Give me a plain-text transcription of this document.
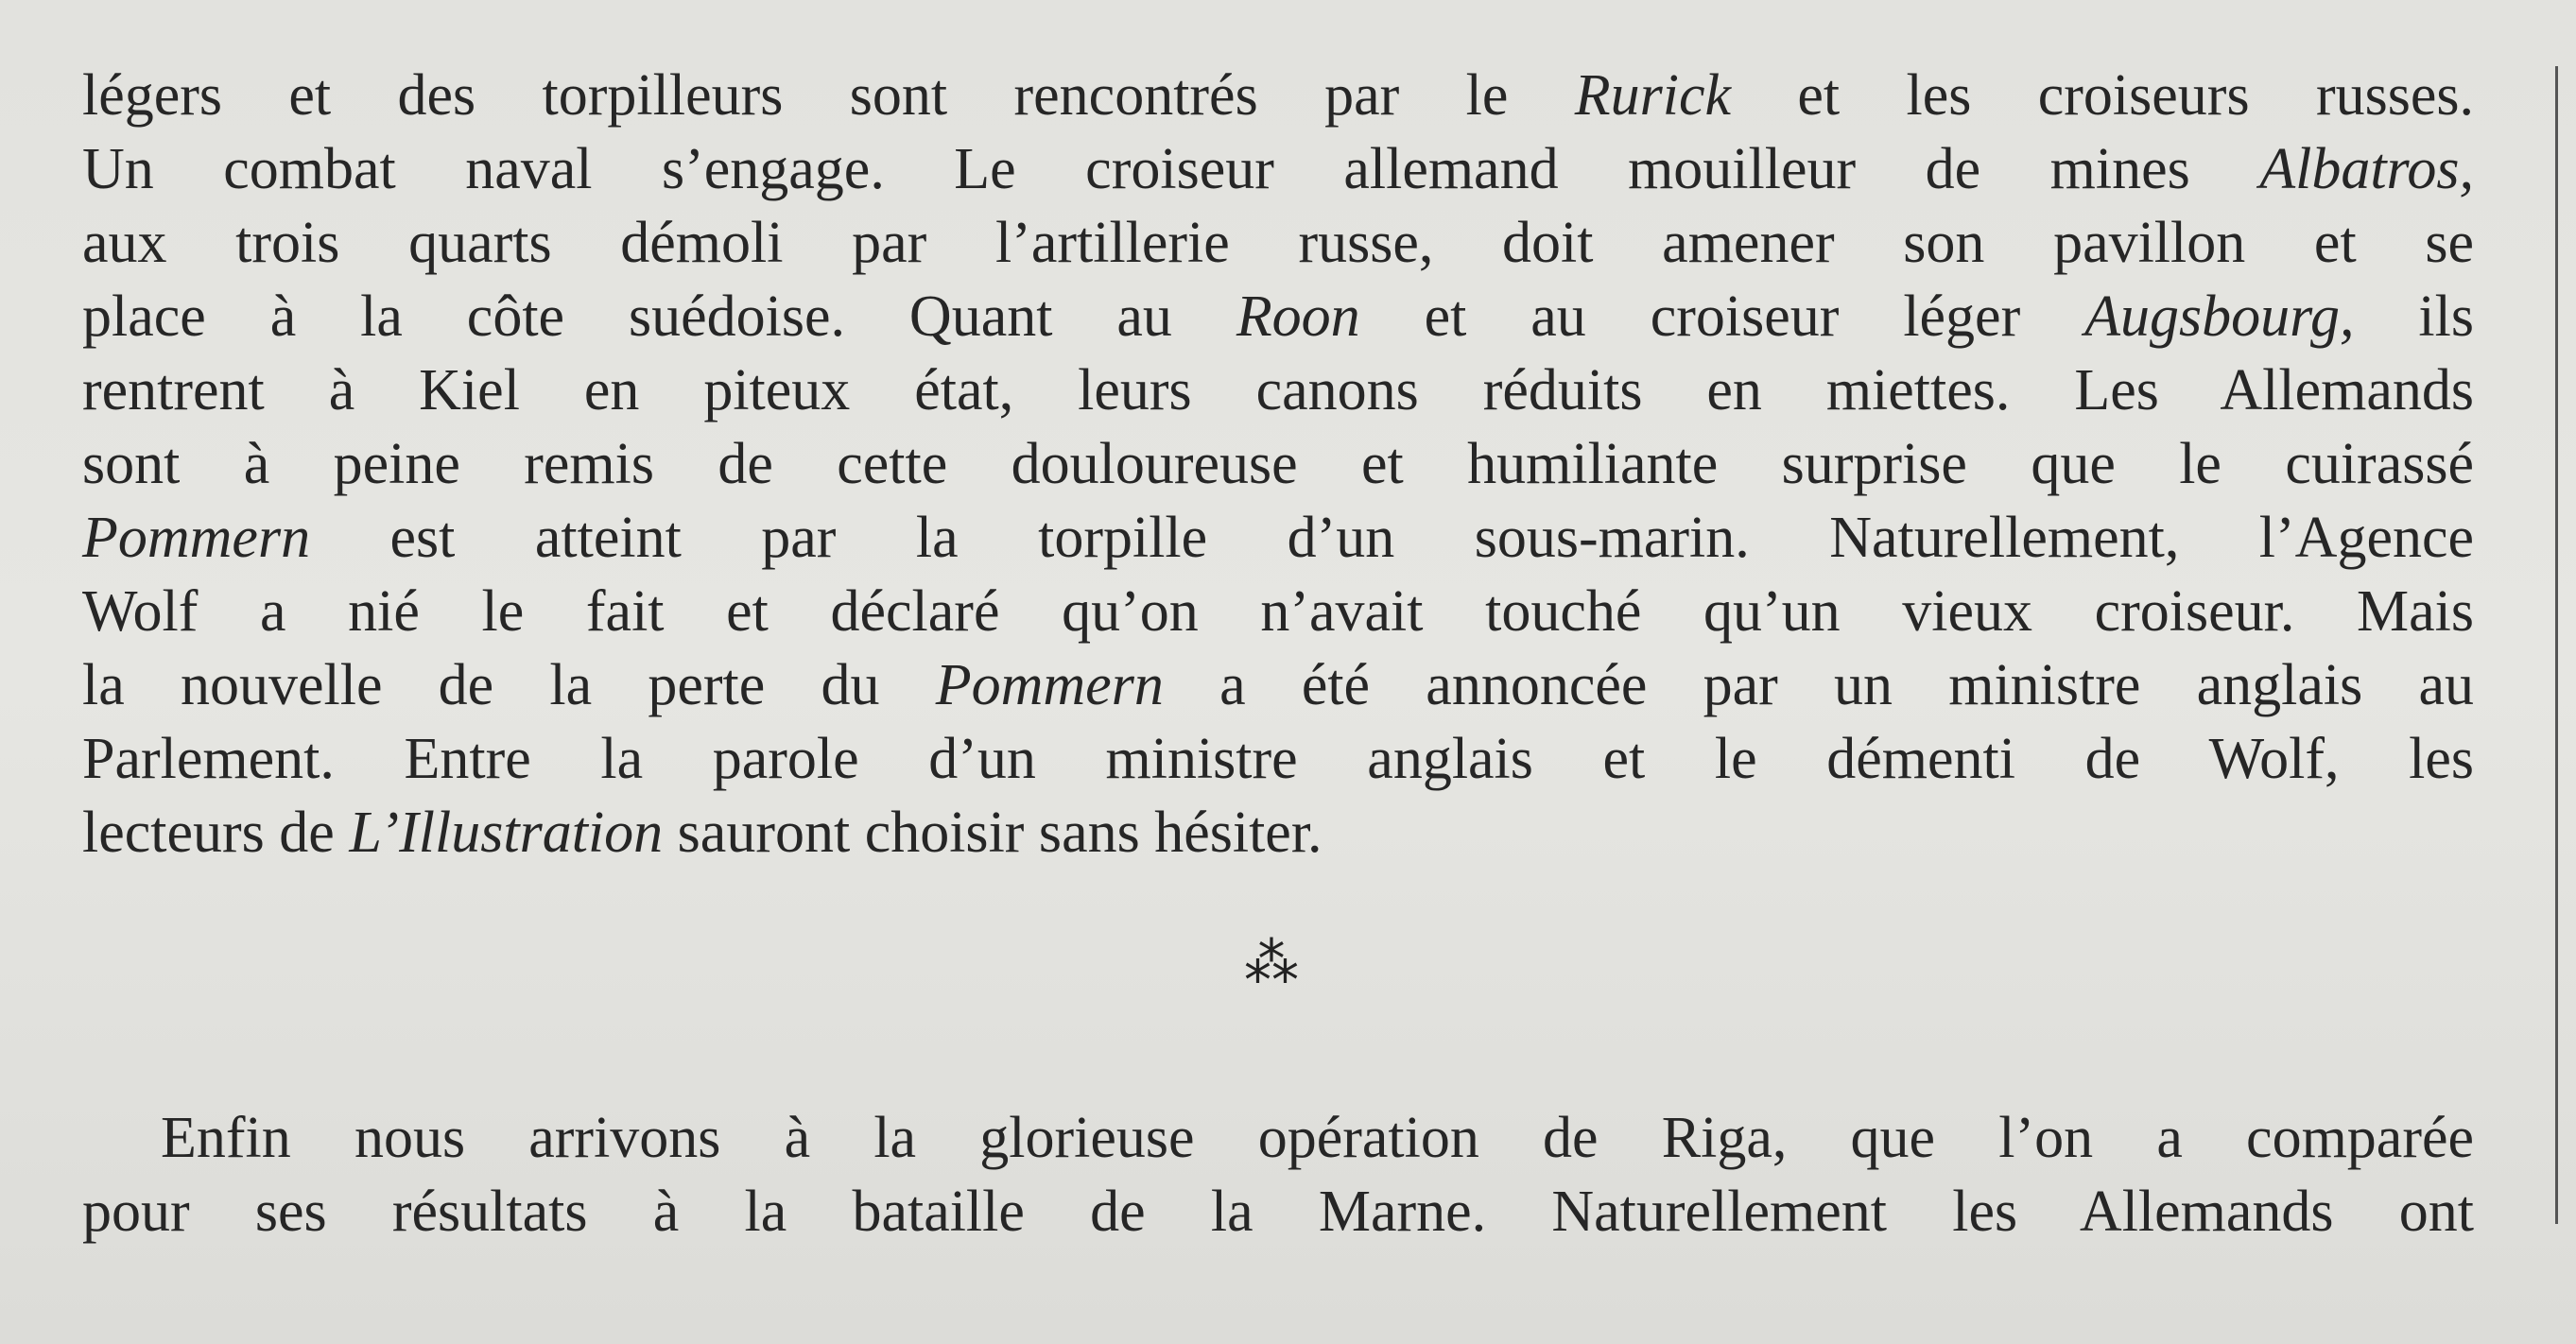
légers et des torpilleurs sont rencontrés par le Rurick et les croiseurs russes.
Un combat naval s’engage. Le croiseur allemand mouilleur de mines Albatros,
aux trois quarts démoli par l’artillerie russe, doit amener son pavillon et se
place à la côte suédoise. Quant au Roon et au croiseur léger Augsbourg, ils
rentrent à Kiel en piteux état, leurs canons réduits en miettes. Les Allemands
sont à peine remis de cette douloureuse et humiliante surprise que le cuirassé
Pommern est atteint par la torpille d’un sous-marin. Naturellement, l’Agence
Wolf a nié le fait et déclaré qu’on n’avait touché qu’un vieux croiseur. Mais
la nouvelle de la perte du Pommern a été annoncée par un ministre anglais au
Parlement. Entre la parole d’un ministre anglais et le démenti de Wolf, les
lecteurs de L’Illustration sauront choisir sans hésiter.
⁂
Enfin nous arrivons à la glorieuse opération de Riga, que l’on a comparée
pour ses résultats à la bataille de la Marne. Naturellement les Allemands ont
